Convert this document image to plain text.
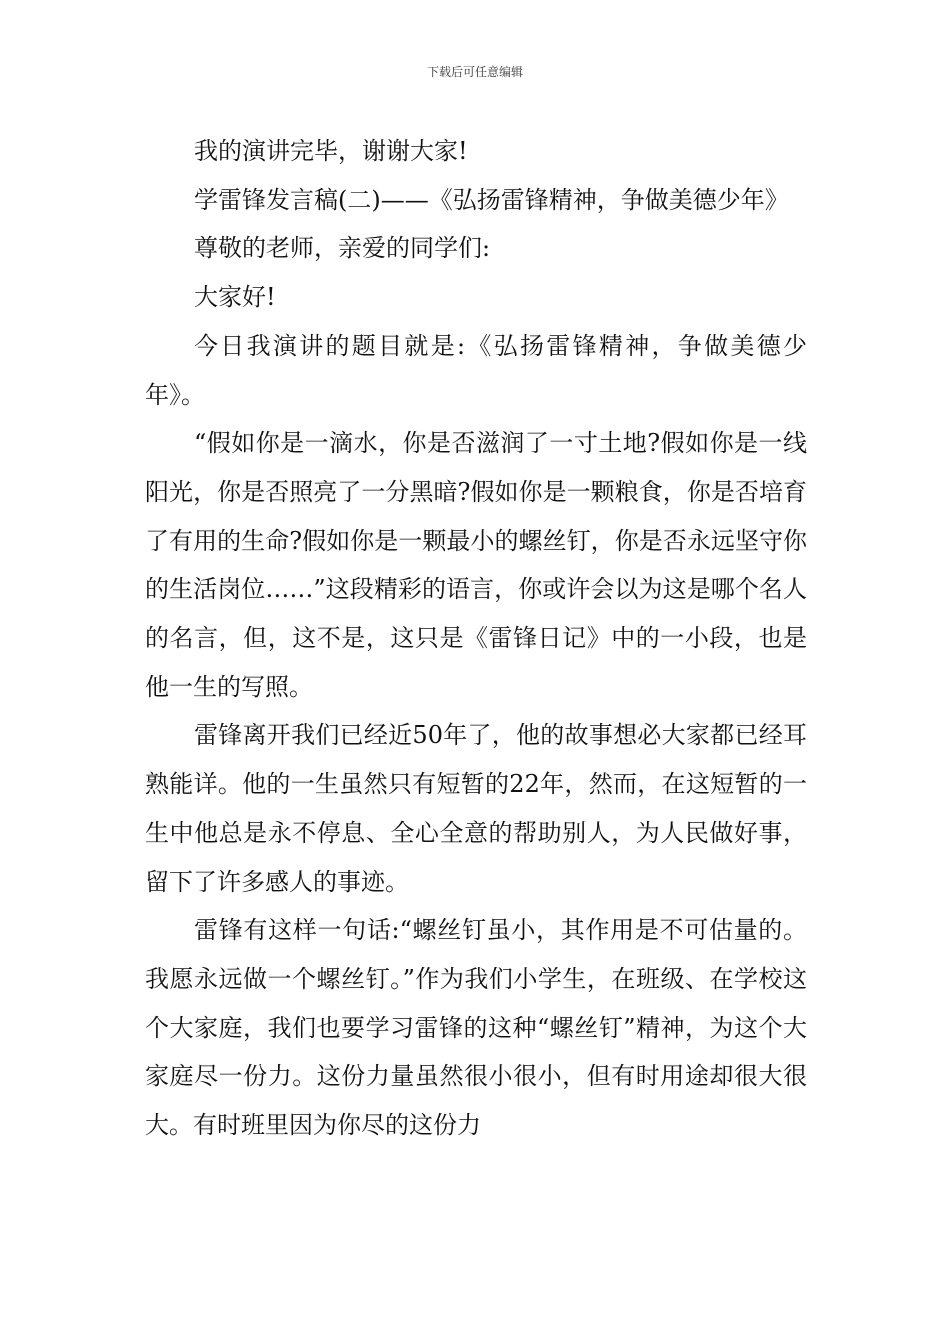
下载后可任意编辑

我的演讲完毕，谢谢大家!

学雷锋发言稿(二)——《弘扬雷锋精神，争做美德少年》

尊敬的老师，亲爱的同学们:

大家好!

今日我演讲的题目就是:《弘扬雷锋精神，争做美德少年》。

“假如你是一滴水，你是否滋润了一寸土地?假如你是一线阳光，你是否照亮了一分黑暗?假如你是一颗粮食，你是否培育了有用的生命?假如你是一颗最小的螺丝钉，你是否永远坚守你的生活岗位……”这段精彩的语言，你或许会以为这是哪个名人的名言，但，这不是，这只是《雷锋日记》中的一小段，也是他一生的写照。

雷锋离开我们已经近50年了，他的故事想必大家都已经耳熟能详。他的一生虽然只有短暂的22年，然而，在这短暂的一生中他总是永不停息、全心全意的帮助别人，为人民做好事，留下了许多感人的事迹。

雷锋有这样一句话:“螺丝钉虽小，其作用是不可估量的。我愿永远做一个螺丝钉。”作为我们小学生，在班级、在学校这个大家庭，我们也要学习雷锋的这种“螺丝钉”精神，为这个大家庭尽一份力。这份力量虽然很小很小，但有时用途却很大很大。有时班里因为你尽的这份力
